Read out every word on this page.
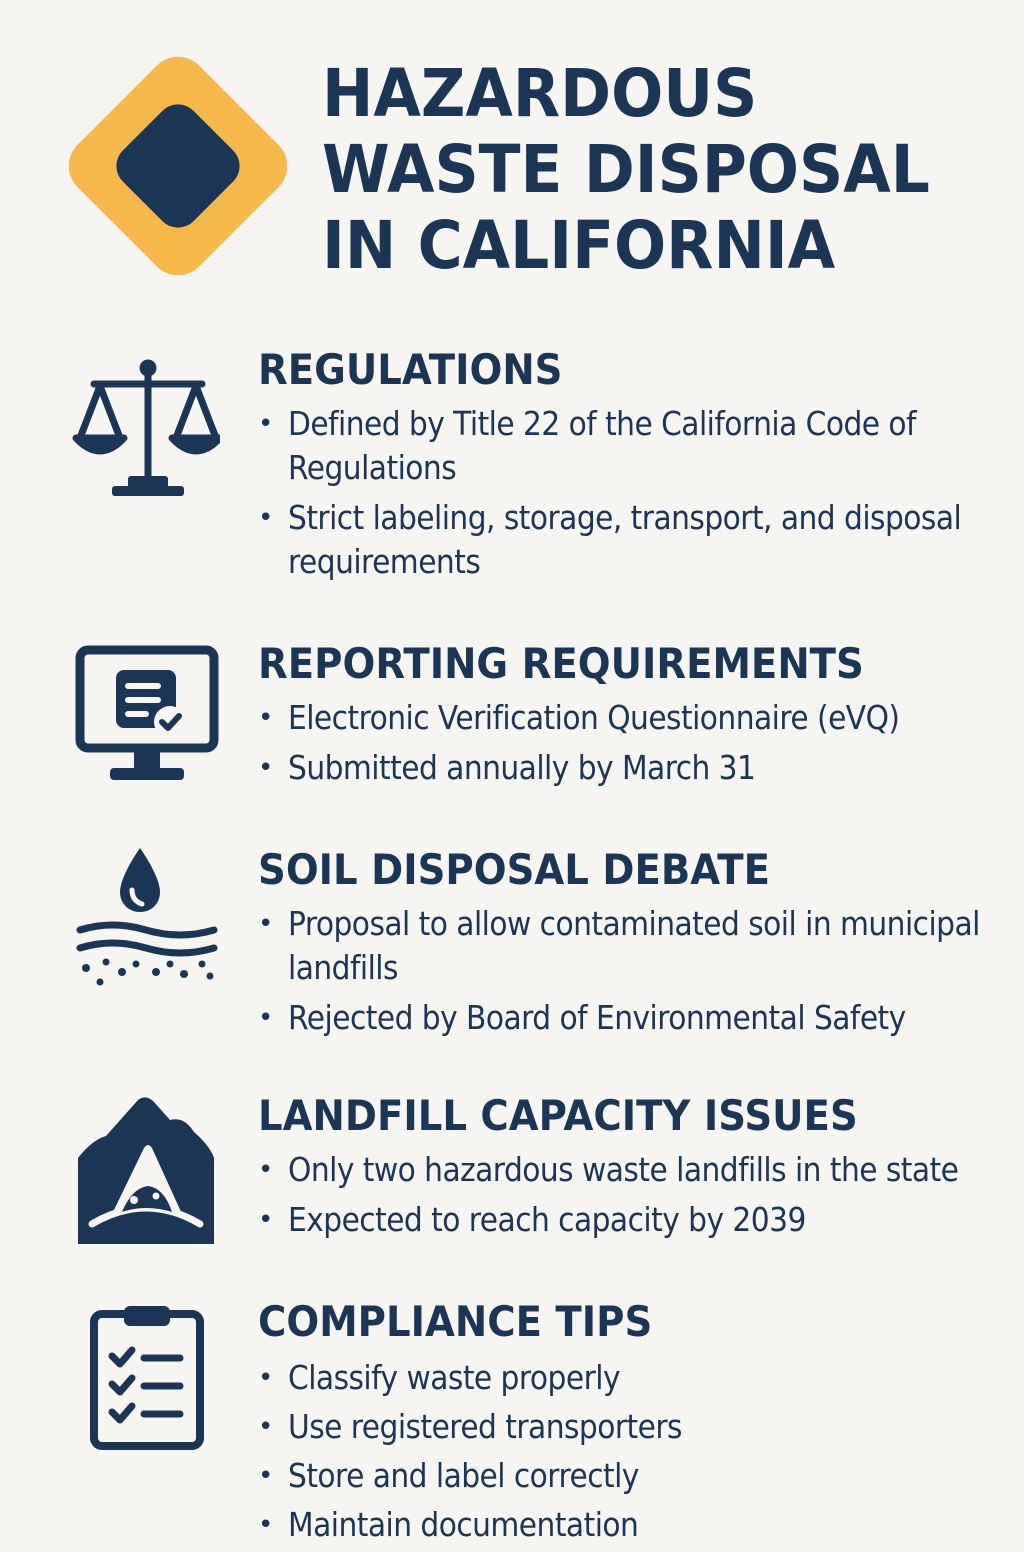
HAZARDOUS WASTE DISPOSAL IN CALIFORNIA
REGULATIONS
• Defined by Title 22 of the California Code of Regulations
• Strict labeling, storage, transport, and disposal requirements
REPORTING REQUIREMENTS
• Electronic Verification Questionnaire (eVQ)
• Submitted annually by March 31
SOIL DISPOSAL DEBATE
• Proposal to allow contaminated soil in municipal landfills
• Rejected by Board of Environmental Safety
LANDFILL CAPACITY ISSUES
• Only two hazardous waste landfills in the state
• Expected to reach capacity by 2039
COMPLIANCE TIPS
• Classify waste properly
• Use registered transporters
• Store and label correctly
• Maintain documentation
